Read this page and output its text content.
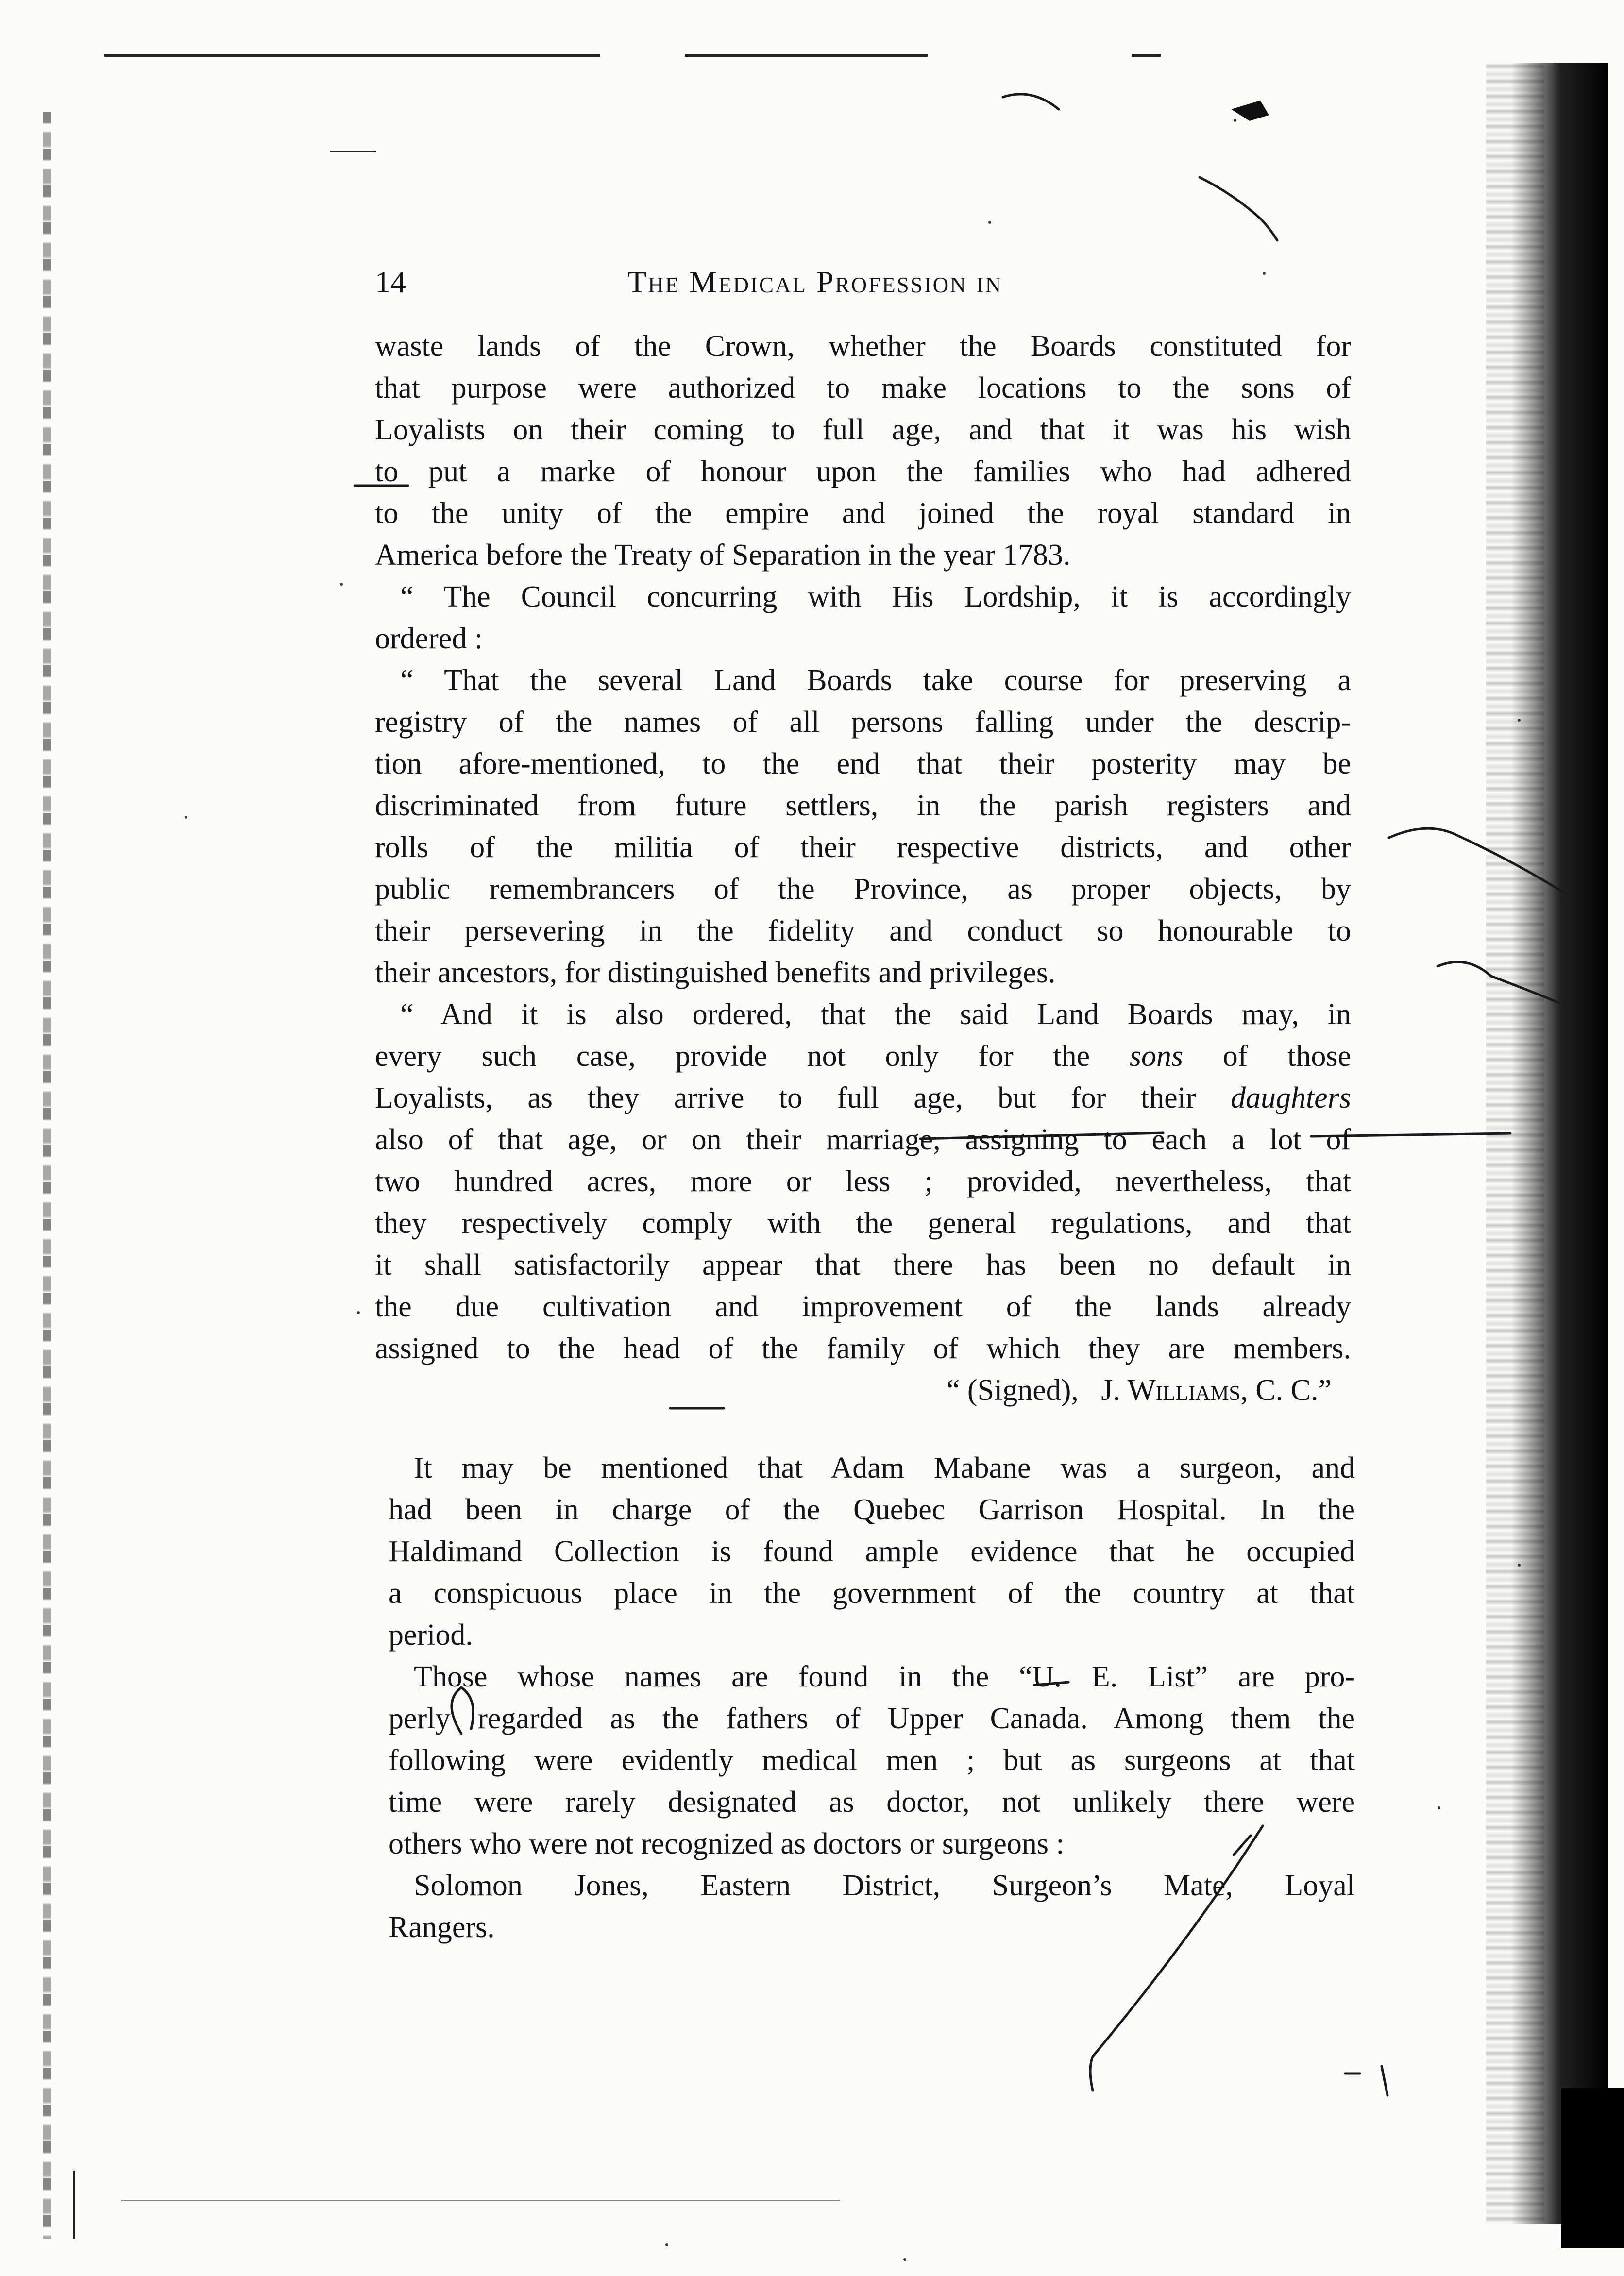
14	The Medical Profession in
waste lands of the Crown, whether the Boards constituted for
that purpose were authorized to make locations to the sons of
Loyalists on their coming to full age, and that it was his wish
to put a marke of honour upon the families who had adhered
to the unity of the empire and joined the royal standard in
America before the Treaty of Separation in the year 1783.
“ The Council concurring with His Lordship, it is accordingly
ordered :
“ That the several Land Boards take course for preserving a
registry of the names of all persons falling under the descrip-
tion afore-mentioned, to the end that their posterity may be
discriminated from future settlers, in the parish registers and
rolls of the militia of their respective districts, and other
public remembrancers of the Province, as proper objects, by
their persevering in the fidelity and conduct so honourable to
their ancestors, for distinguished benefits and privileges.
“ And it is also ordered, that the said Land Boards may, in
every such case, provide not only for the sons of those
Loyalists, as they arrive to full age, but for their daughters
also of that age, or on their marriage, assigning to each a lot of
two hundred acres, more or less ; provided, nevertheless, that
they respectively comply with the general regulations, and that
it shall satisfactorily appear that there has been no default in
the due cultivation and improvement of the lands already
assigned to the head of the family of which they are members.
“ (Signed), J. Williams, C. C.”
It may be mentioned that Adam Mabane was a surgeon, and
had been in charge of the Quebec Garrison Hospital. In the
Haldimand Collection is found ample evidence that he occupied
a conspicuous place in the government of the country at that
period.
Those whose names are found in the “U. E. List” are pro-
perly regarded as the fathers of Upper Canada. Among them the
following were evidently medical men ; but as surgeons at that
time were rarely designated as doctor, not unlikely there were
others who were not recognized as doctors or surgeons :
Solomon Jones, Eastern District, Surgeon’s Mate, Loyal
Rangers.
